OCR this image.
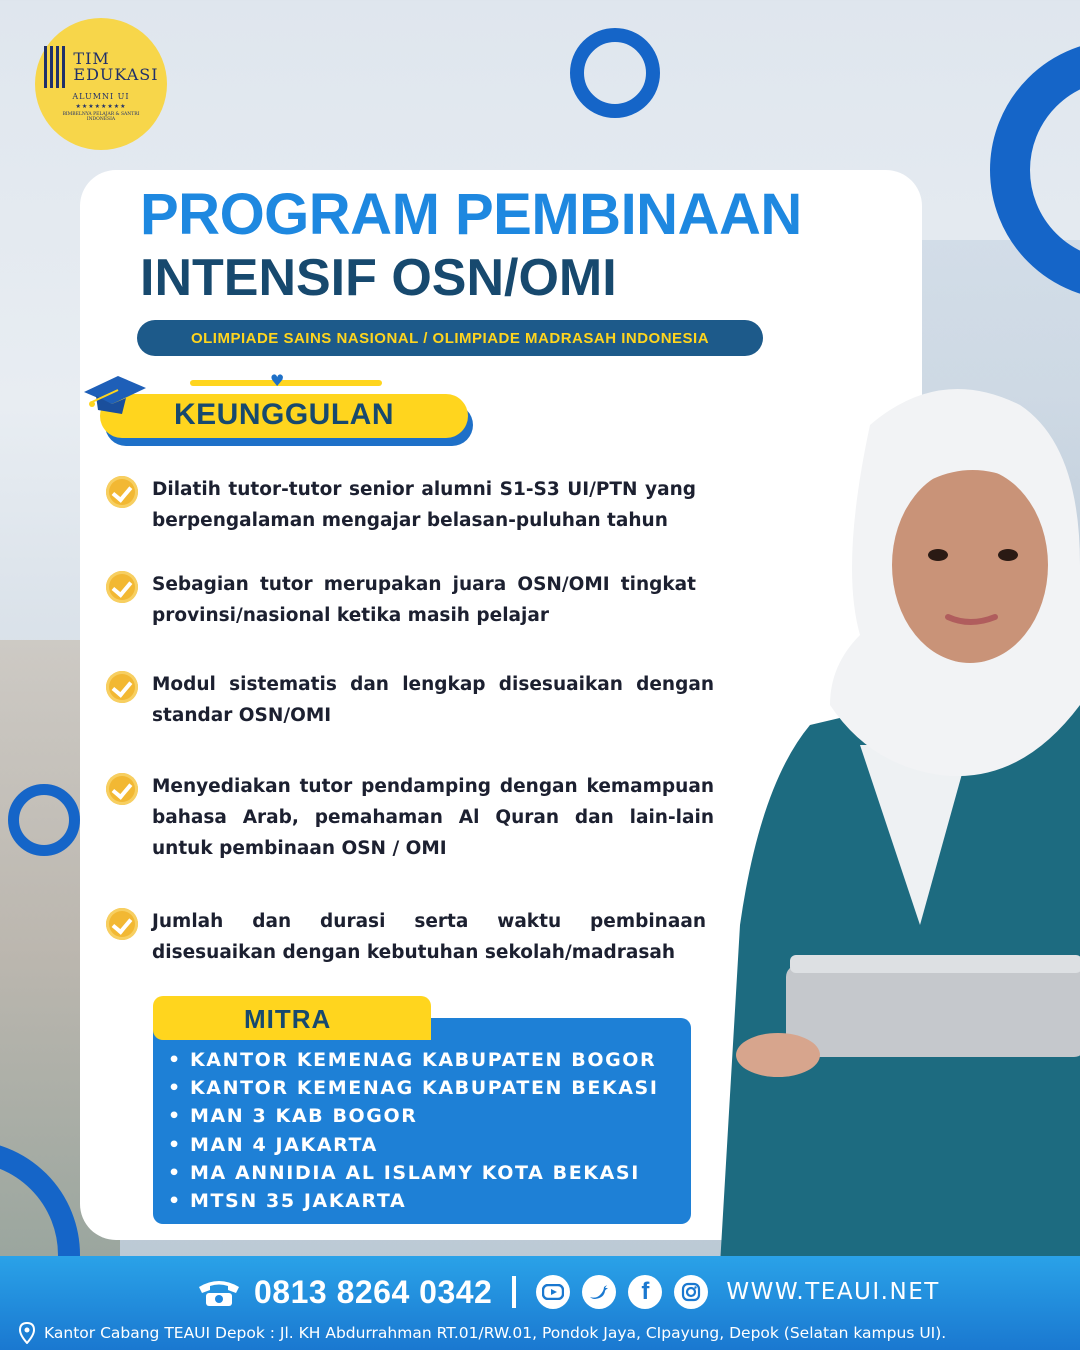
TIM
EDUKASI
ALUMNI UI
★★★★★★★★
BIMBELNYA PELAJAR & SANTRI INDONESIA
PROGRAM PEMBINAAN
INTENSIF OSN/OMI
OLIMPIADE SAINS NASIONAL / OLIMPIADE MADRASAH INDONESIA
♥
KEUNGGULAN
Dilatih tutor-tutor senior alumni S1-S3 UI/PTN yang berpengalaman mengajar belasan-puluhan tahun
Sebagian tutor merupakan juara OSN/OMI tingkat provinsi/nasional ketika masih pelajar
Modul sistematis dan lengkap disesuaikan dengan standar OSN/OMI
Menyediakan tutor pendamping dengan kemampuan bahasa Arab, pemahaman Al Quran dan lain-lain untuk pembinaan OSN / OMI
Jumlah dan durasi serta waktu pembinaan disesuaikan dengan kebutuhan sekolah/madrasah
MITRA
• KANTOR KEMENAG KABUPATEN BOGOR
• KANTOR KEMENAG KABUPATEN BEKASI
• MAN 3 KAB BOGOR
• MAN 4 JAKARTA
• MA ANNIDIA AL ISLAMY KOTA BEKASI
• MTSN 35 JAKARTA
0813 8264 0342	f	WWW.TEAUI.NET
Kantor Cabang TEAUI Depok : Jl. KH Abdurrahman RT.01/RW.01, Pondok Jaya, CIpayung, Depok (Selatan kampus UI).
